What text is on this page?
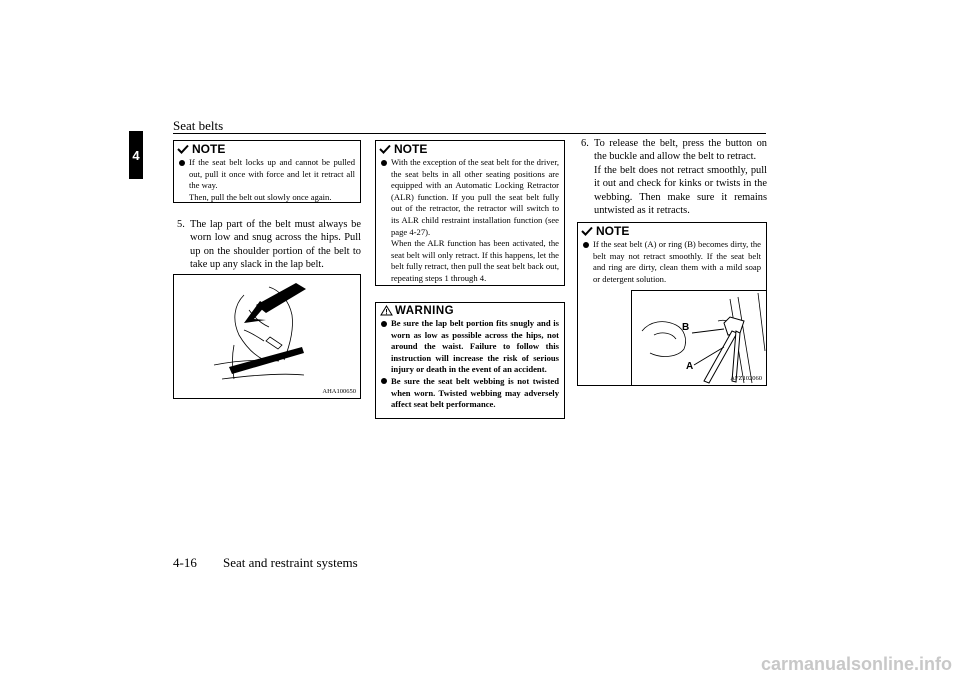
Seat belts
4	NOTE
If the seat belt locks up and cannot be pulled out, pull it once with force and let it retract all the way.
Then, pull the belt out slowly once again.
5. The lap part of the belt must always be worn low and snug across the hips. Pull up on the shoulder portion of the belt to take up any slack in the lap belt.
AHA100650
NOTE
With the exception of the seat belt for the driver, the seat belts in all other seating positions are equipped with an Automatic Locking Retractor (ALR) function. If you pull the seat belt fully out of the retractor, the retractor will switch to its ALR child restraint installation function (see page 4-27).
When the ALR function has been activated, the seat belt will only retract. If this happens, let the belt fully retract, then pull the seat belt back out, repeating steps 1 through 4.
WARNING
Be sure the lap belt portion fits snugly and is worn as low as possible across the hips, not around the waist. Failure to follow this instruction will increase the risk of serious injury or death in the event of an accident.
Be sure the seat belt webbing is not twisted when worn. Twisted webbing may adversely affect seat belt performance.
6. To release the belt, press the button on the buckle and allow the belt to retract.
If the belt does not retract smoothly, pull it out and check for kinks or twists in the webbing. Then make sure it remains untwisted as it retracts.
NOTE
If the seat belt (A) or ring (B) becomes dirty, the belt may not retract smoothly. If the seat belt and ring are dirty, clean them with a mild soap or detergent solution.
B
A
AFZ102060
4-16 Seat and restraint systems
carmanualsonline.info
